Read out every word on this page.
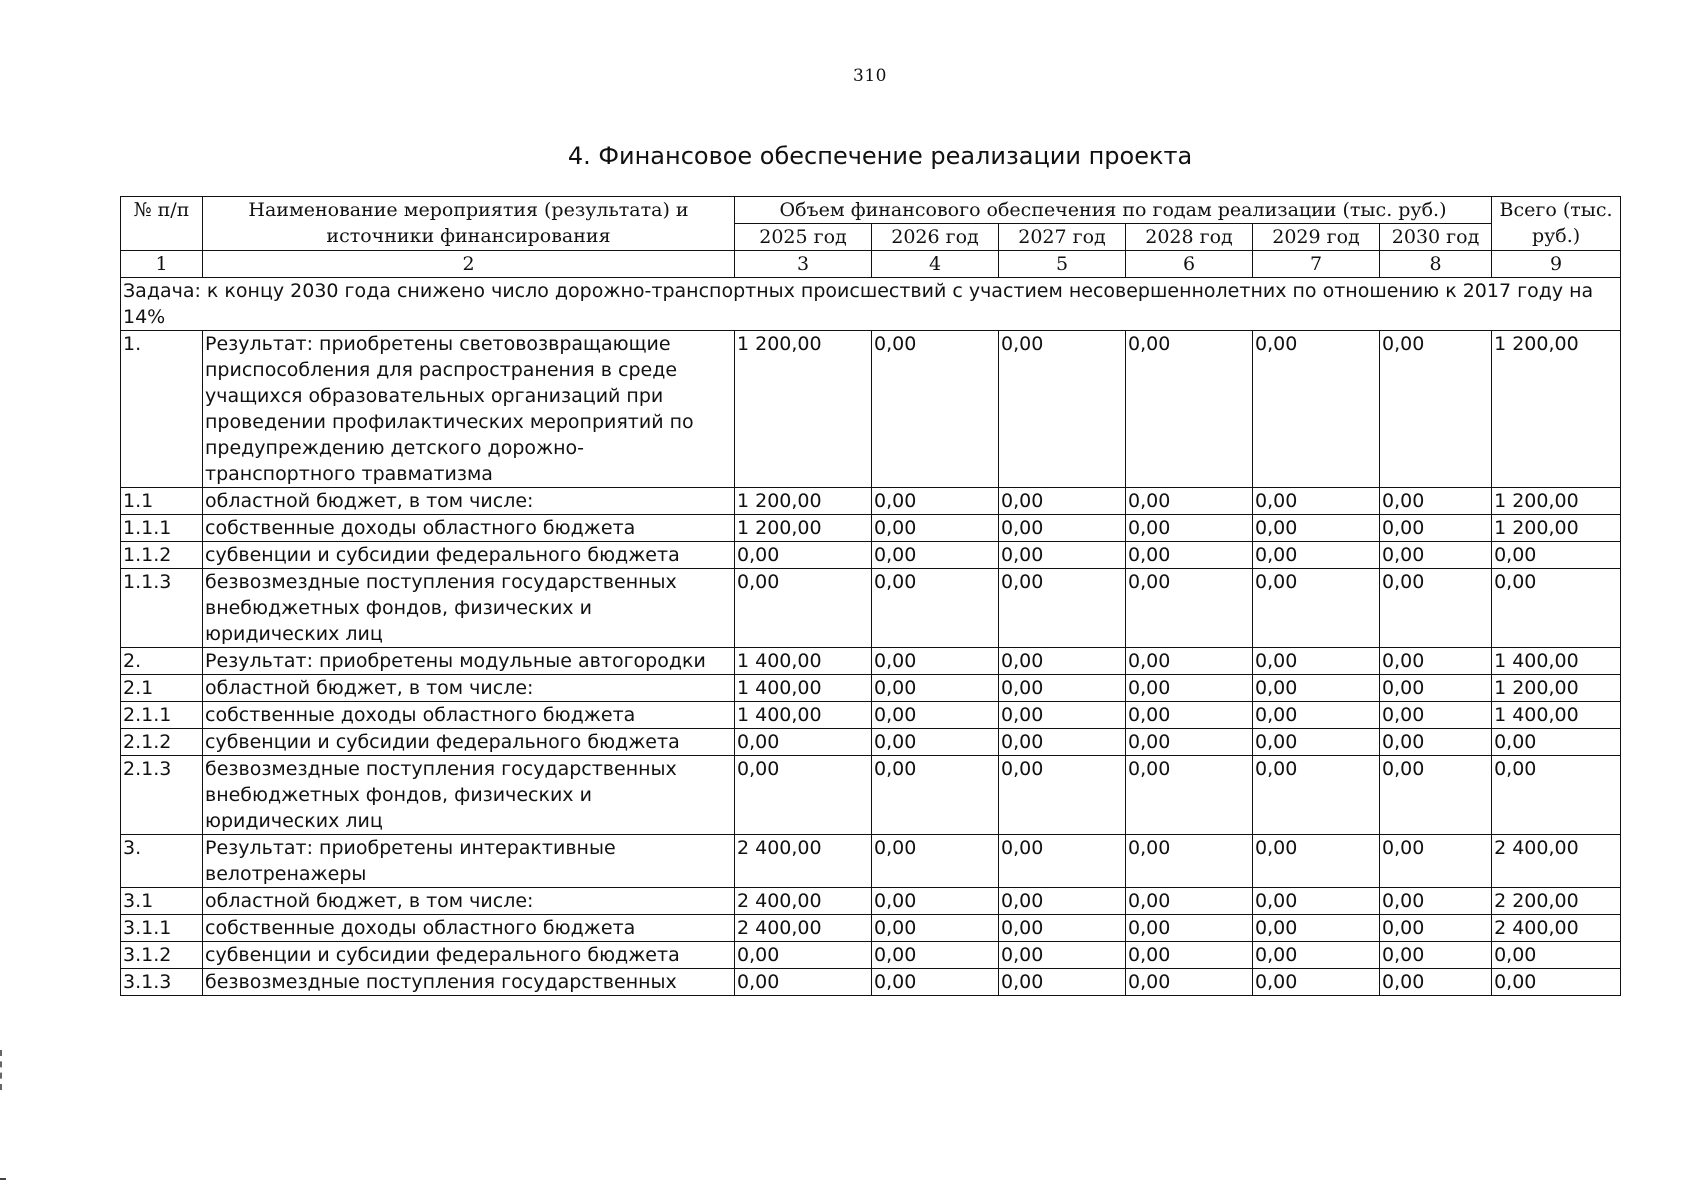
310
4. Финансовое обеспечение реализации проекта
№ п/п	Наименование мероприятия (результата) и источники финансирования	Объем финансового обеспечения по годам реализации (тыс. руб.)						Всего (тыс. руб.)
		2025 год	2026 год	2027 год	2028 год	2029 год	2030 год	
1	2	3	4	5	6	7	8	9
Задача: к концу 2030 года снижено число дорожно-транспортных происшествий с участием несовершеннолетних по отношению к 2017 году на 14%								
1.	Результат: приобретены световозвращающие приспособления для распространения в среде учащихся образовательных организаций при проведении профилактических мероприятий по предупреждению детского дорожно-транспортного травматизма	1 200,00	0,00	0,00	0,00	0,00	0,00	1 200,00
1.1	областной бюджет, в том числе:	1 200,00	0,00	0,00	0,00	0,00	0,00	1 200,00
1.1.1	собственные доходы областного бюджета	1 200,00	0,00	0,00	0,00	0,00	0,00	1 200,00
1.1.2	субвенции и субсидии федерального бюджета	0,00	0,00	0,00	0,00	0,00	0,00	0,00
1.1.3	безвозмездные поступления государственных внебюджетных фондов, физических и юридических лиц	0,00	0,00	0,00	0,00	0,00	0,00	0,00
2.	Результат: приобретены модульные автогородки	1 400,00	0,00	0,00	0,00	0,00	0,00	1 400,00
2.1	областной бюджет, в том числе:	1 400,00	0,00	0,00	0,00	0,00	0,00	1 200,00
2.1.1	собственные доходы областного бюджета	1 400,00	0,00	0,00	0,00	0,00	0,00	1 400,00
2.1.2	субвенции и субсидии федерального бюджета	0,00	0,00	0,00	0,00	0,00	0,00	0,00
2.1.3	безвозмездные поступления государственных внебюджетных фондов, физических и юридических лиц	0,00	0,00	0,00	0,00	0,00	0,00	0,00
3.	Результат: приобретены интерактивные велотренажеры	2 400,00	0,00	0,00	0,00	0,00	0,00	2 400,00
3.1	областной бюджет, в том числе:	2 400,00	0,00	0,00	0,00	0,00	0,00	2 200,00
3.1.1	собственные доходы областного бюджета	2 400,00	0,00	0,00	0,00	0,00	0,00	2 400,00
3.1.2	субвенции и субсидии федерального бюджета	0,00	0,00	0,00	0,00	0,00	0,00	0,00
3.1.3	безвозмездные поступления государственных	0,00	0,00	0,00	0,00	0,00	0,00	0,00
